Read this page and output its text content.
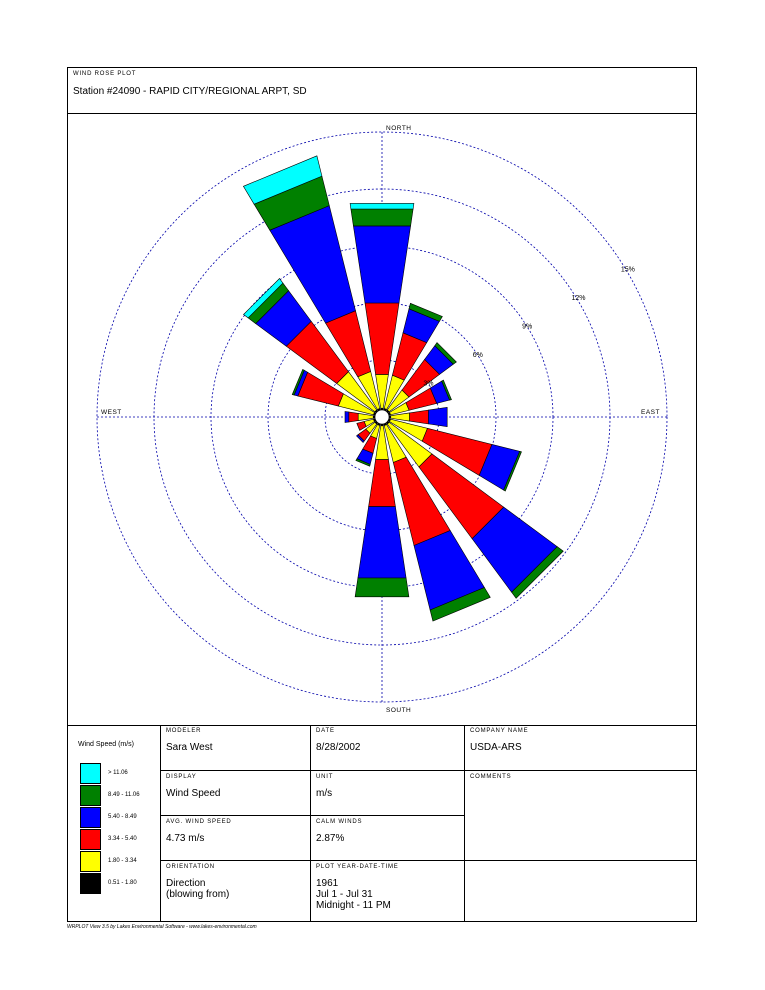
WIND ROSE PLOT
Station #24090 - RAPID CITY/REGIONAL ARPT, SD
3%
6%
9%
12%
15%
NORTH
SOUTH
EAST
WEST
Wind Speed (m/s)
> 11.06
8.49 - 11.06
5.40 - 8.49
3.34 - 5.40
1.80 - 3.34
0.51 - 1.80
MODELER
Sara West
DATE
8/28/2002
COMPANY NAME
USDA-ARS
DISPLAY
Wind Speed
UNIT
m/s
COMMENTS
AVG. WIND SPEED
4.73 m/s
CALM WINDS
2.87%
ORIENTATION
Direction
(blowing from)
PLOT YEAR-DATE-TIME
1961
Jul 1 - Jul 31
Midnight - 11 PM
WRPLOT View 3.5 by Lakes Environmental Software - www.lakes-environmental.com
